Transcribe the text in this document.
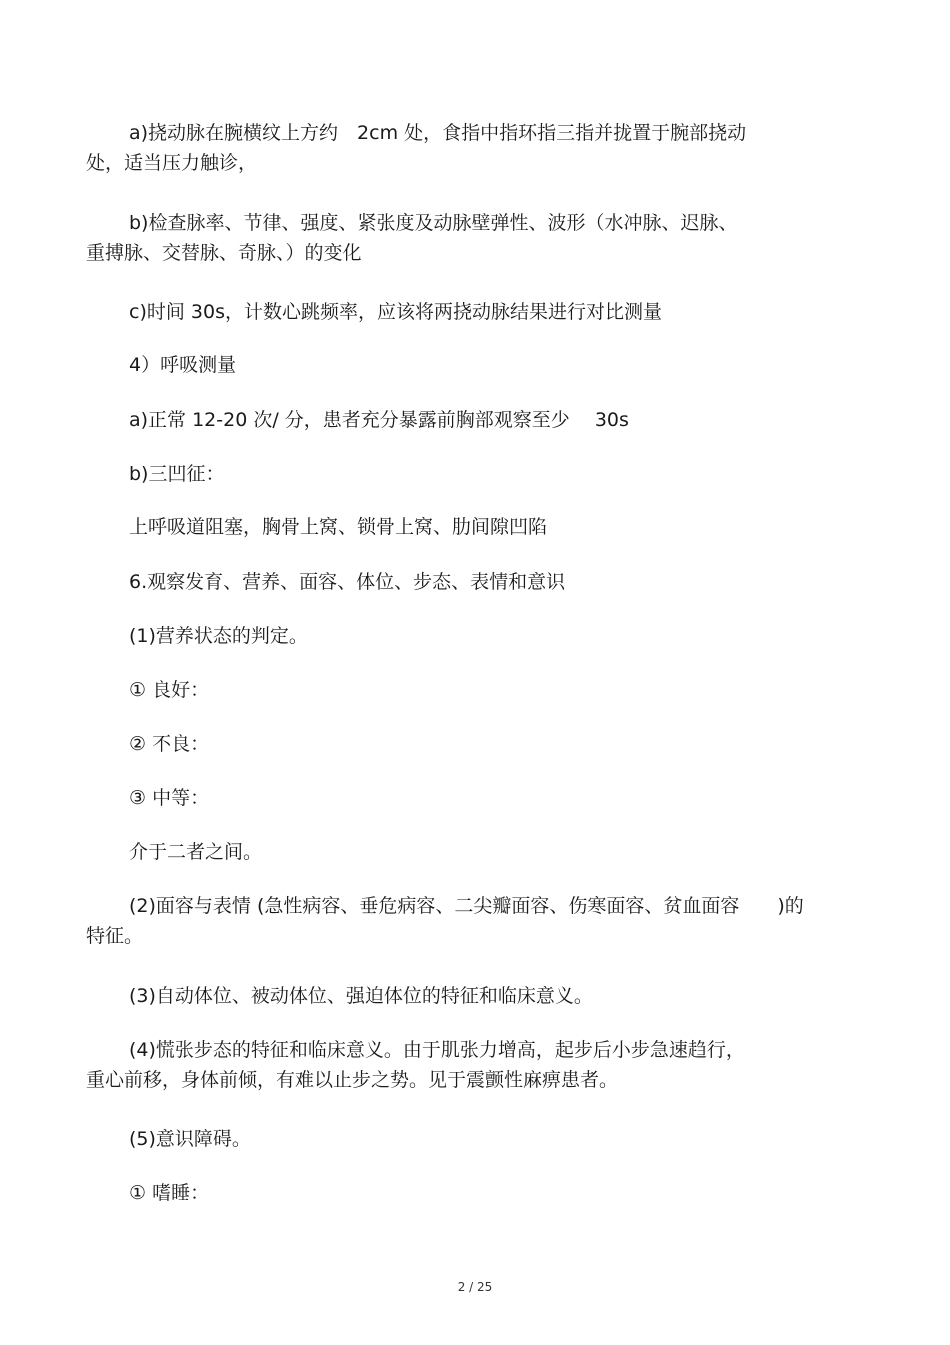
a)挠动脉在腕横纹上方约　2cm 处，食指中指环指三指并拢置于腕部挠动
处，适当压力触诊，

b)检查脉率、节律、强度、紧张度及动脉壁弹性、波形（水冲脉、迟脉、
重搏脉、交替脉、奇脉、）的变化

c)时间 30s，计数心跳频率，应该将两挠动脉结果进行对比测量

4）呼吸测量

a)正常 12-20 次/ 分，患者充分暴露前胸部观察至少　 30s

b)三凹征：

上呼吸道阻塞，胸骨上窝、锁骨上窝、肋间隙凹陷

6.观察发育、营养、面容、体位、步态、表情和意识

(1)营养状态的判定。

① 良好：

② 不良：

③ 中等：

介于二者之间。

(2)面容与表情 (急性病容、垂危病容、二尖瓣面容、伤寒面容、贫血面容　　)的
特征。

(3)自动体位、被动体位、强迫体位的特征和临床意义。

(4)慌张步态的特征和临床意义。由于肌张力增高，起步后小步急速趋行，
重心前移，身体前倾，有难以止步之势。见于震颤性麻痹患者。

(5)意识障碍。

① 嗜睡：

2 / 25
